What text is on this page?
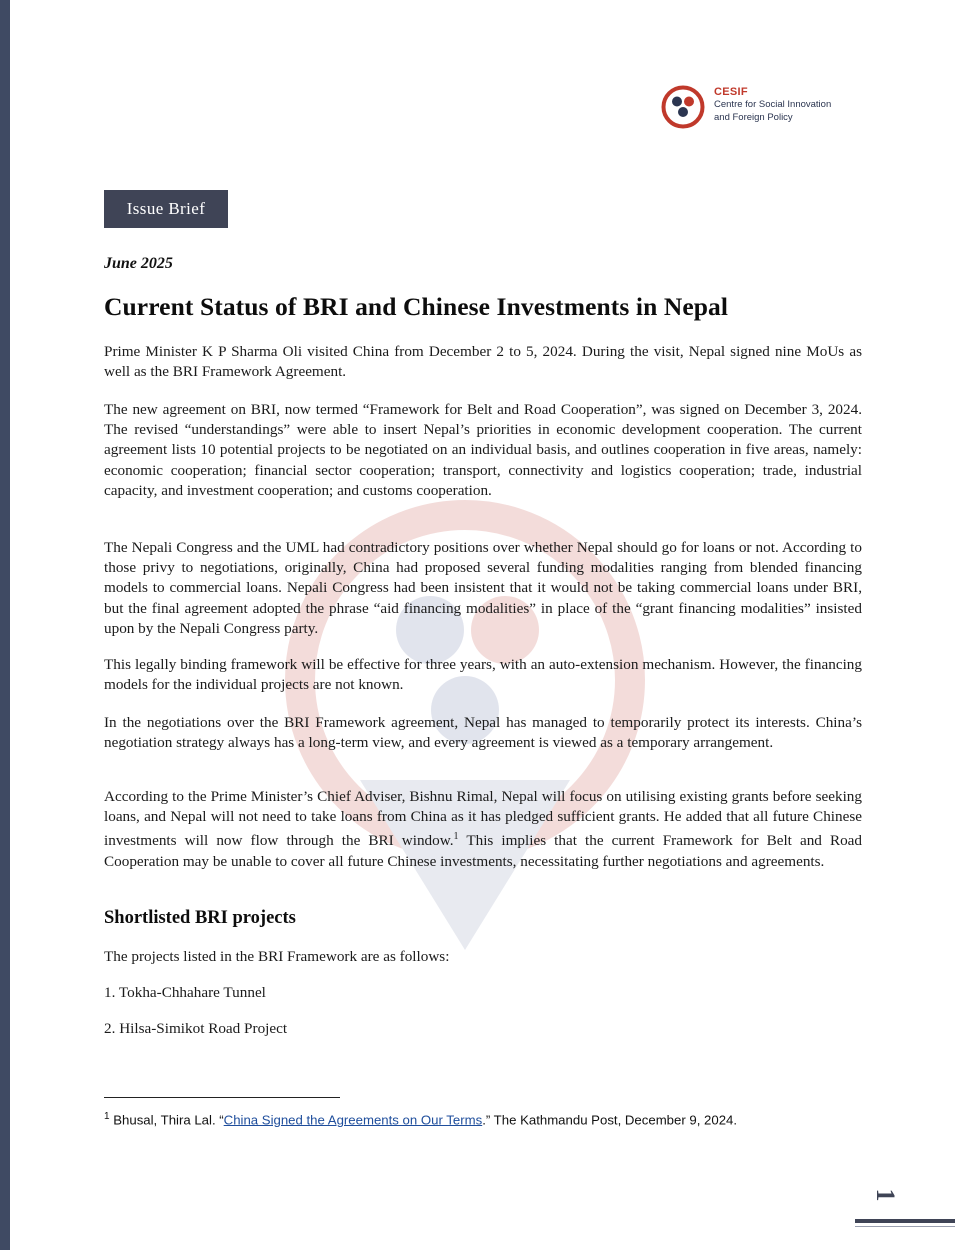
CESIF
Centre for Social Innovation
and Foreign Policy
Issue Brief
June 2025
Current Status of BRI and Chinese Investments in Nepal
Prime Minister K P Sharma Oli visited China from December 2 to 5, 2024. During the visit, Nepal signed nine MoUs as well as the BRI Framework Agreement.
The new agreement on BRI, now termed “Framework for Belt and Road Cooperation”, was signed on December 3, 2024. The revised “understandings” were able to insert Nepal’s priorities in economic development cooperation. The current agreement lists 10 potential projects to be negotiated on an individual basis, and outlines cooperation in five areas, namely: economic cooperation; financial sector cooperation; transport, connectivity and logistics cooperation; trade, industrial capacity, and investment cooperation; and customs cooperation.
The Nepali Congress and the UML had contradictory positions over whether Nepal should go for loans or not. According to those privy to negotiations, originally, China had proposed several funding modalities ranging from blended financing models to commercial loans. Nepali Congress had been insistent that it would not be taking commercial loans under BRI, but the final agreement adopted the phrase “aid financing modalities” in place of the “grant financing modalities” insisted upon by the Nepali Congress party.
This legally binding framework will be effective for three years, with an auto-extension mechanism. However, the financing models for the individual projects are not known.
In the negotiations over the BRI Framework agreement, Nepal has managed to temporarily protect its interests. China’s negotiation strategy always has a long-term view, and every agreement is viewed as a temporary arrangement.
According to the Prime Minister’s Chief Adviser, Bishnu Rimal, Nepal will focus on utilising existing grants before seeking loans, and Nepal will not need to take loans from China as it has pledged sufficient grants. He added that all future Chinese investments will now flow through the BRI window.$^1$ This implies that the current Framework for Belt and Road Cooperation may be unable to cover all future Chinese investments, necessitating further negotiations and agreements.
Shortlisted BRI projects
The projects listed in the BRI Framework are as follows:
1. Tokha-Chhahare Tunnel
2. Hilsa-Simikot Road Project
$^1$ Bhusal, Thira Lal. “China Signed the Agreements on Our Terms.” The Kathmandu Post, December 9, 2024.
1
